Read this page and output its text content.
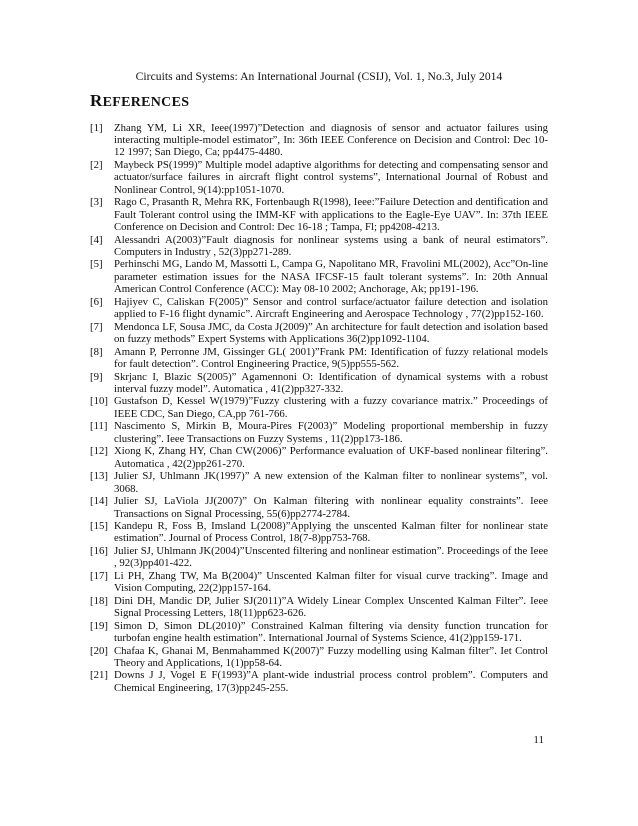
Circuits and Systems: An International Journal (CSIJ), Vol. 1, No.3, July 2014
REFERENCES
[1]	Zhang YM, Li XR, Ieee(1997)”Detection and diagnosis of sensor and actuator failures using interacting multiple-model estimator”, In: 36th IEEE Conference on Decision and Control: Dec 10-12 1997; San Diego, Ca; pp4475-4480.
[2]	Maybeck PS(1999)” Multiple model adaptive algorithms for detecting and compensating sensor and actuator/surface failures in aircraft flight control systems”, International Journal of Robust and Nonlinear Control, 9(14):pp1051-1070.
[3]	Rago C, Prasanth R, Mehra RK, Fortenbaugh R(1998), Ieee:”Failure Detection and dentification and Fault Tolerant control using the IMM-KF with applications to the Eagle-Eye UAV”. In: 37th IEEE Conference on Decision and Control: Dec 16-18 ; Tampa, Fl; pp4208-4213.
[4]	Alessandri A(2003)”Fault diagnosis for nonlinear systems using a bank of neural estimators”. Computers in Industry , 52(3)pp271-289.
[5]	Perhinschi MG, Lando M, Massotti L, Campa G, Napolitano MR, Fravolini ML(2002), Acc”On-line parameter estimation issues for the NASA IFCSF-15 fault tolerant systems”. In: 20th Annual American Control Conference (ACC): May 08-10 2002; Anchorage, Ak; pp191-196.
[6]	Hajiyev C, Caliskan F(2005)” Sensor and control surface/actuator failure detection and isolation applied to F-16 flight dynamic”. Aircraft Engineering and Aerospace Technology , 77(2)pp152-160.
[7]	Mendonca LF, Sousa JMC, da Costa J(2009)” An architecture for fault detection and isolation based on fuzzy methods” Expert Systems with Applications 36(2)pp1092-1104.
[8]	Amann P, Perronne JM, Gissinger GL( 2001)”Frank PM: Identification of fuzzy relational models for fault detection”. Control Engineering Practice, 9(5)pp555-562.
[9]	Skrjanc I, Blazic S(2005)” Agamennoni O: Identification of dynamical systems with a robust interval fuzzy model”. Automatica , 41(2)pp327-332.
[10] Gustafson D, Kessel W(1979)”Fuzzy clustering with a fuzzy covariance matrix.” Proceedings of IEEE CDC, San Diego, CA,pp 761-766.
[11] Nascimento S, Mirkin B, Moura-Pires F(2003)” Modeling proportional membership in fuzzy clustering”. Ieee Transactions on Fuzzy Systems , 11(2)pp173-186.
[12] Xiong K, Zhang HY, Chan CW(2006)” Performance evaluation of UKF-based nonlinear filtering”. Automatica , 42(2)pp261-270.
[13] Julier SJ, Uhlmann JK(1997)” A new extension of the Kalman filter to nonlinear systems”, vol. 3068.
[14] Julier SJ, LaViola JJ(2007)” On Kalman filtering with nonlinear equality constraints”. Ieee Transactions on Signal Processing, 55(6)pp2774-2784.
[15] Kandepu R, Foss B, Imsland L(2008)”Applying the unscented Kalman filter for nonlinear state estimation”. Journal of Process Control, 18(7-8)pp753-768.
[16] Julier SJ, Uhlmann JK(2004)”Unscented filtering and nonlinear estimation”. Proceedings of the Ieee , 92(3)pp401-422.
[17] Li PH, Zhang TW, Ma B(2004)” Unscented Kalman filter for visual curve tracking”. Image and Vision Computing, 22(2)pp157-164.
[18] Dini DH, Mandic DP, Julier SJ(2011)”A Widely Linear Complex Unscented Kalman Filter”. Ieee Signal Processing Letters, 18(11)pp623-626.
[19] Simon D, Simon DL(2010)” Constrained Kalman filtering via density function truncation for turbofan engine health estimation”. International Journal of Systems Science, 41(2)pp159-171.
[20] Chafaa K, Ghanai M, Benmahammed K(2007)” Fuzzy modelling using Kalman filter”. Iet Control Theory and Applications, 1(1)pp58-64.
[21] Downs J J, Vogel E F(1993)”A plant-wide industrial process control problem”. Computers and Chemical Engineering, 17(3)pp245-255.
11
